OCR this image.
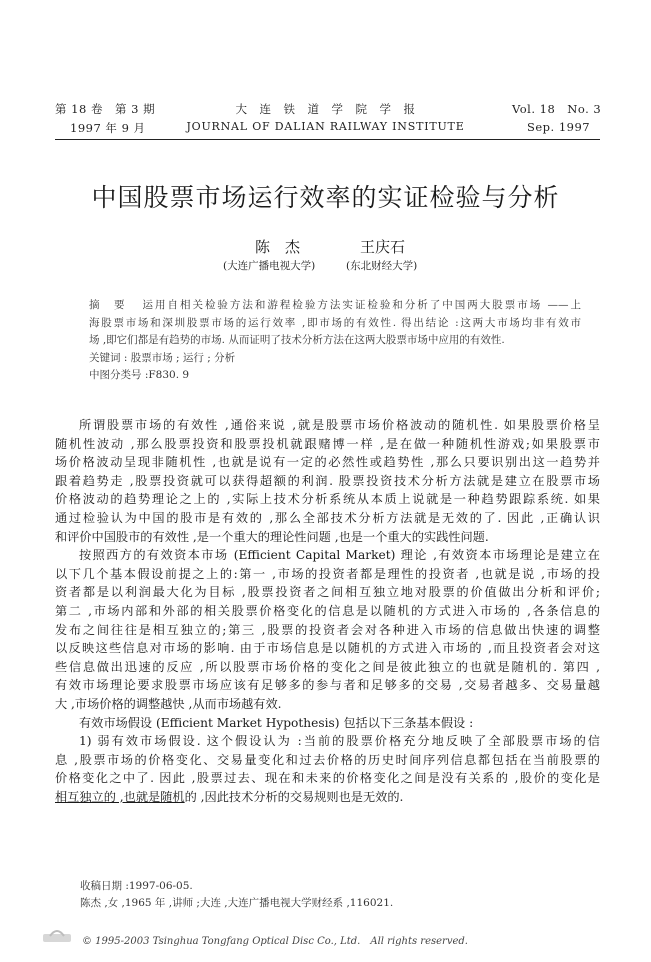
第 18 卷　第 3 期
1997 年 9 月
大　连　铁　道　学　院　学　报
JOURNAL OF DALIAN RAILWAY INSTITUTE
Vol. 18　No. 3
Sep. 1997
中国股票市场运行效率的实证检验与分析
陈　杰
(大连广播电视大学)
王庆石
(东北财经大学)
摘　要 运用自相关检验方法和游程检验方法实证检验和分析了中国两大股票市场 ——上
海股票市场和深圳股票市场的运行效率 ,即市场的有效性. 得出结论 :这两大市场均非有效市
场 ,即它们都是有趋势的市场. 从而证明了技术分析方法在这两大股票市场中应用的有效性.
关键词 : 股票市场 ; 运行 ; 分析
中图分类号 :F830. 9
所谓股票市场的有效性 ,通俗来说 ,就是股票市场价格波动的随机性. 如果股票价格呈
随机性波动 ,那么股票投资和股票投机就跟赌博一样 ,是在做一种随机性游戏;如果股票市
场价格波动呈现非随机性 ,也就是说有一定的必然性或趋势性 ,那么只要识别出这一趋势并
跟着趋势走 ,股票投资就可以获得超额的利润. 股票投资技术分析方法就是建立在股票市场
价格波动的趋势理论之上的 ,实际上技术分析系统从本质上说就是一种趋势跟踪系统. 如果
通过检验认为中国的股市是有效的 ,那么全部技术分析方法就是无效的了. 因此 ,正确认识
和评价中国股市的有效性 ,是一个重大的理论性问题 ,也是一个重大的实践性问题.
按照西方的有效资本市场 (Efficient Capital Market) 理论 ,有效资本市场理论是建立在
以下几个基本假设前提之上的:第一 ,市场的投资者都是理性的投资者 ,也就是说 ,市场的投
资者都是以利润最大化为目标 ,股票投资者之间相互独立地对股票的价值做出分析和评价;
第二 ,市场内部和外部的相关股票价格变化的信息是以随机的方式进入市场的 ,各条信息的
发布之间往往是相互独立的;第三 ,股票的投资者会对各种进入市场的信息做出快速的调整
以反映这些信息对市场的影响. 由于市场信息是以随机的方式进入市场的 ,而且投资者会对这
些信息做出迅速的反应 ,所以股票市场价格的变化之间是彼此独立的也就是随机的. 第四 ,
有效市场理论要求股票市场应该有足够多的参与者和足够多的交易 ,交易者越多、交易量越
大 ,市场价格的调整越快 ,从而市场越有效.
有效市场假设 (Efficient Market Hypothesis) 包括以下三条基本假设 :
1) 弱有效市场假设. 这个假设认为 :当前的股票价格充分地反映了全部股票市场的信
息 ,股票市场的价格变化、交易量变化和过去价格的历史时间序列信息都包括在当前股票的
价格变化之中了. 因此 ,股票过去、现在和未来的价格变化之间是没有关系的 ,股价的变化是
相互独立的 ,也就是随机的 ,因此技术分析的交易规则也是无效的.
收稿日期 :1997-06-05.
陈杰 ,女 ,1965 年 ,讲师 ;大连 ,大连广播电视大学财经系 ,116021.
© 1995-2003 Tsinghua Tongfang Optical Disc Co., Ltd.　All rights reserved.
